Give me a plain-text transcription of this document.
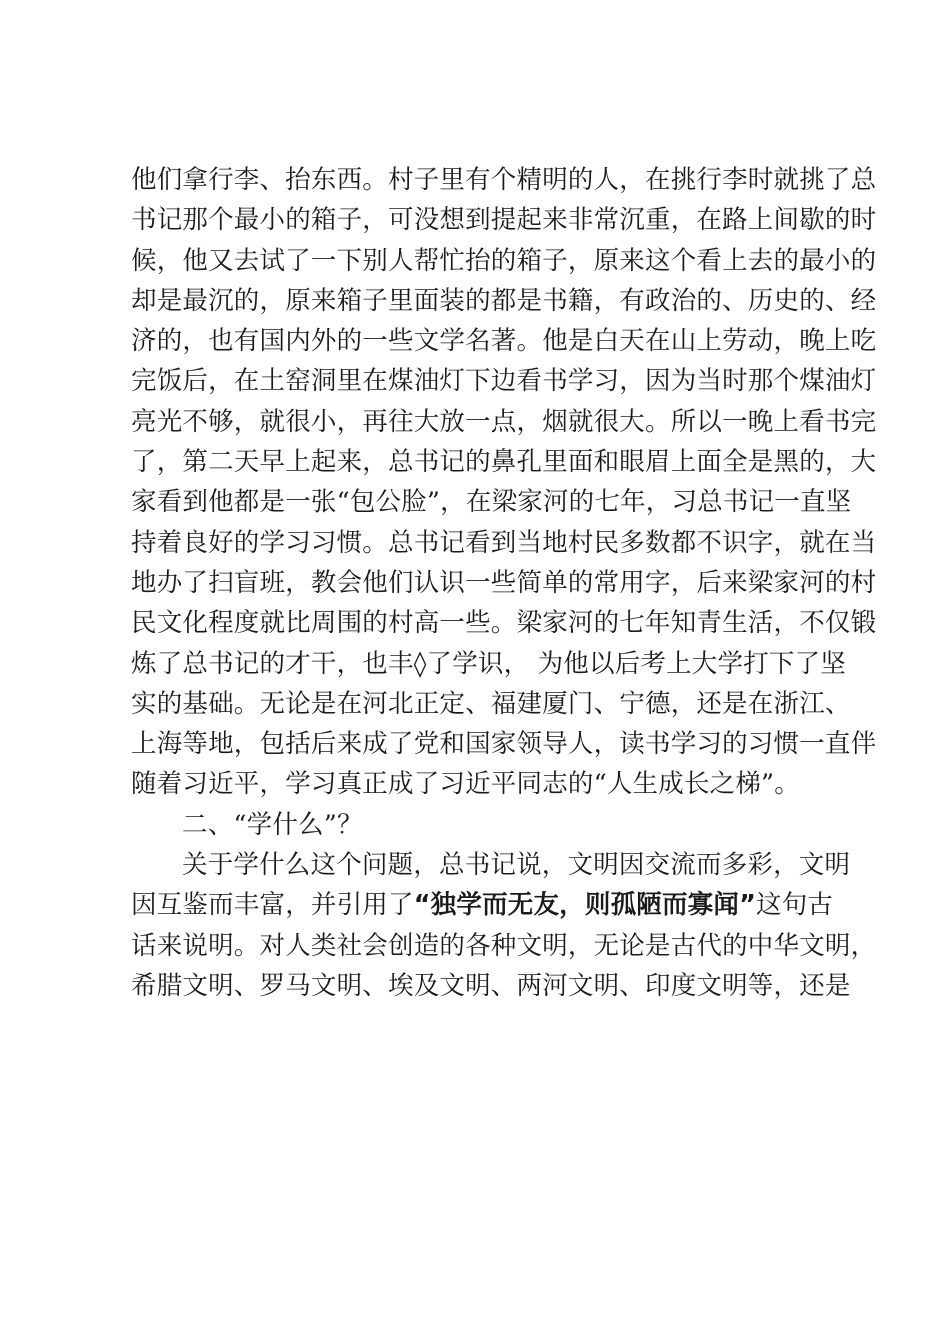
他们拿行李、抬东西。村子里有个精明的人，在挑行李时就挑了总
书记那个最小的箱子，可没想到提起来非常沉重，在路上间歇的时
候，他又去试了一下别人帮忙抬的箱子，原来这个看上去的最小的
却是最沉的，原来箱子里面装的都是书籍，有政治的、历史的、经
济的，也有国内外的一些文学名著。他是白天在山上劳动，晚上吃
完饭后，在土窑洞里在煤油灯下边看书学习，因为当时那个煤油灯
亮光不够，就很小，再往大放一点，烟就很大。所以一晚上看书完
了，第二天早上起来，总书记的鼻孔里面和眼眉上面全是黑的，大
家看到他都是一张“包公脸”，在梁家河的七年，习总书记一直坚
持着良好的学习习惯。总书记看到当地村民多数都不识字，就在当
地办了扫盲班，教会他们认识一些简单的常用字，后来梁家河的村
民文化程度就比周围的村高一些。梁家河的七年知青生活，不仅锻
炼了总书记的才干，也丰◊了学识， 为他以后考上大学打下了坚
实的基础。无论是在河北正定、福建厦门、宁德，还是在浙江、
上海等地，包括后来成了党和国家领导人，读书学习的习惯一直伴
随着习近平，学习真正成了习近平同志的“人生成长之梯”。
二、“学什么”？
关于学什么这个问题，总书记说，文明因交流而多彩，文明
因互鉴而丰富，并引用了“独学而无友，则孤陋而寡闻”这句古
话来说明。对人类社会创造的各种文明，无论是古代的中华文明，
希腊文明、罗马文明、埃及文明、两河文明、印度文明等，还是
